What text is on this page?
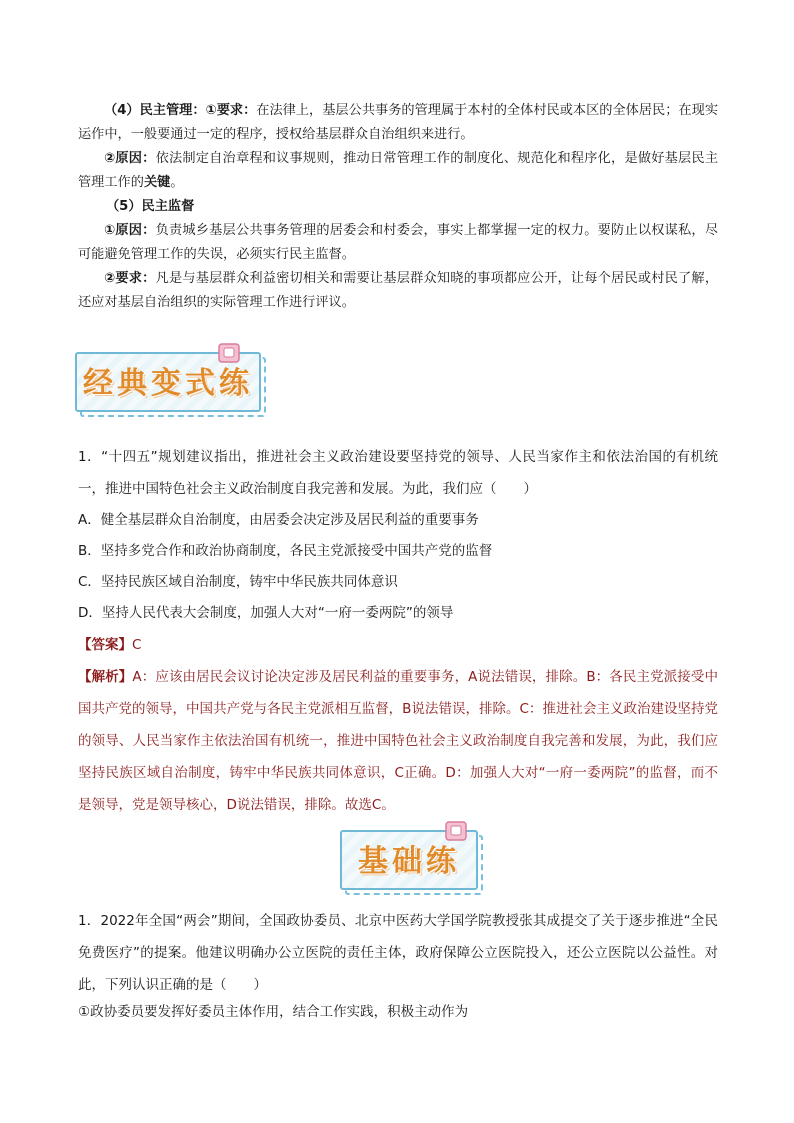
（4）民主管理：①要求：在法律上，基层公共事务的管理属于本村的全体村民或本区的全体居民；在现实运作中，一般要通过一定的程序，授权给基层群众自治组织来进行。

②原因：依法制定自治章程和议事规则，推动日常管理工作的制度化、规范化和程序化，是做好基层民主管理工作的关键。

（5）民主监督

①原因：负责城乡基层公共事务管理的居委会和村委会，事实上都掌握一定的权力。要防止以权谋私，尽可能避免管理工作的失误，必须实行民主监督。

②要求：凡是与基层群众利益密切相关和需要让基层群众知晓的事项都应公开，让每个居民或村民了解，还应对基层自治组织的实际管理工作进行评议。

经典变式练

1．“十四五”规划建议指出，推进社会主义政治建设要坚持党的领导、人民当家作主和依法治国的有机统一，推进中国特色社会主义政治制度自我完善和发展。为此，我们应（　　）

A．健全基层群众自治制度，由居委会决定涉及居民利益的重要事务

B．坚持多党合作和政治协商制度，各民主党派接受中国共产党的监督

C．坚持民族区域自治制度，铸牢中华民族共同体意识

D．坚持人民代表大会制度，加强人大对“一府一委两院”的领导

【答案】C

【解析】A：应该由居民会议讨论决定涉及居民利益的重要事务，A说法错误，排除。B：各民主党派接受中国共产党的领导，中国共产党与各民主党派相互监督，B说法错误，排除。C：推进社会主义政治建设坚持党的领导、人民当家作主依法治国有机统一，推进中国特色社会主义政治制度自我完善和发展，为此，我们应坚持民族区域自治制度，铸牢中华民族共同体意识，C正确。D：加强人大对“一府一委两院”的监督，而不是领导，党是领导核心，D说法错误，排除。故选C。

基础练

1．2022年全国“两会”期间，全国政协委员、北京中医药大学国学院教授张其成提交了关于逐步推进“全民免费医疗”的提案。他建议明确办公立医院的责任主体，政府保障公立医院投入，还公立医院以公益性。对此，下列认识正确的是（　　）

①政协委员要发挥好委员主体作用，结合工作实践，积极主动作为
